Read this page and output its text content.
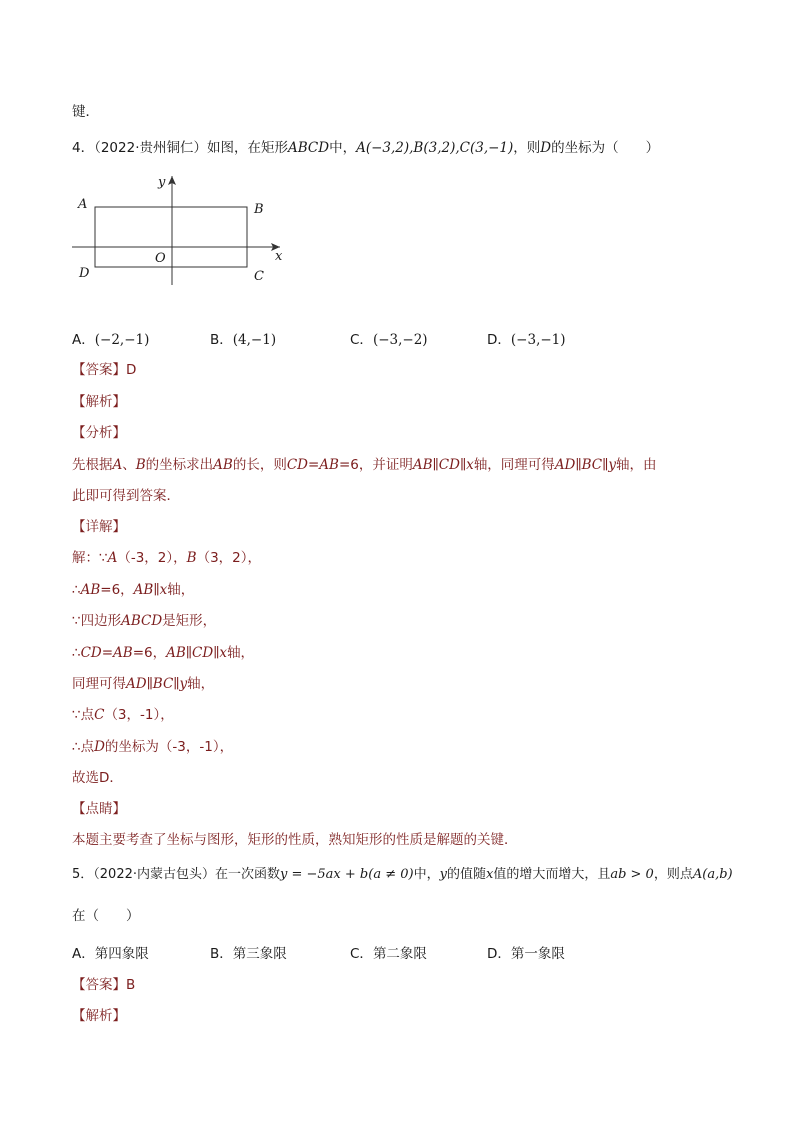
键．
4．（2022·贵州铜仁）如图，在矩形ABCD中，A(−3,2),B(3,2),C(3,−1)，则D的坐标为（　　）
A	B
C
D
O	x
y
A．(−2,−1)	B．(4,−1)	C．(−3,−2)	D．(−3,−1)
【答案】D
【解析】
【分析】
先根据A、B的坐标求出AB的长，则CD=AB=6，并证明AB∥CD∥x轴，同理可得AD∥BC∥y轴，由
此即可得到答案．
【详解】
解：∵A（-3，2），B（3，2），
∴AB=6，AB∥x轴，
∵四边形ABCD是矩形，
∴CD=AB=6，AB∥CD∥x轴，
同理可得AD∥BC∥y轴，
∵点C（3，-1），
∴点D的坐标为（-3，-1），
故选D．
【点睛】
本题主要考查了坐标与图形，矩形的性质，熟知矩形的性质是解题的关键．
5．（2022·内蒙古包头）在一次函数y = −5ax + b(a ≠ 0)中，y的值随x值的增大而增大，且ab > 0，则点A(a,b)
在（　　）
A．第四象限	B．第三象限	C．第二象限	D．第一象限
【答案】B
【解析】
